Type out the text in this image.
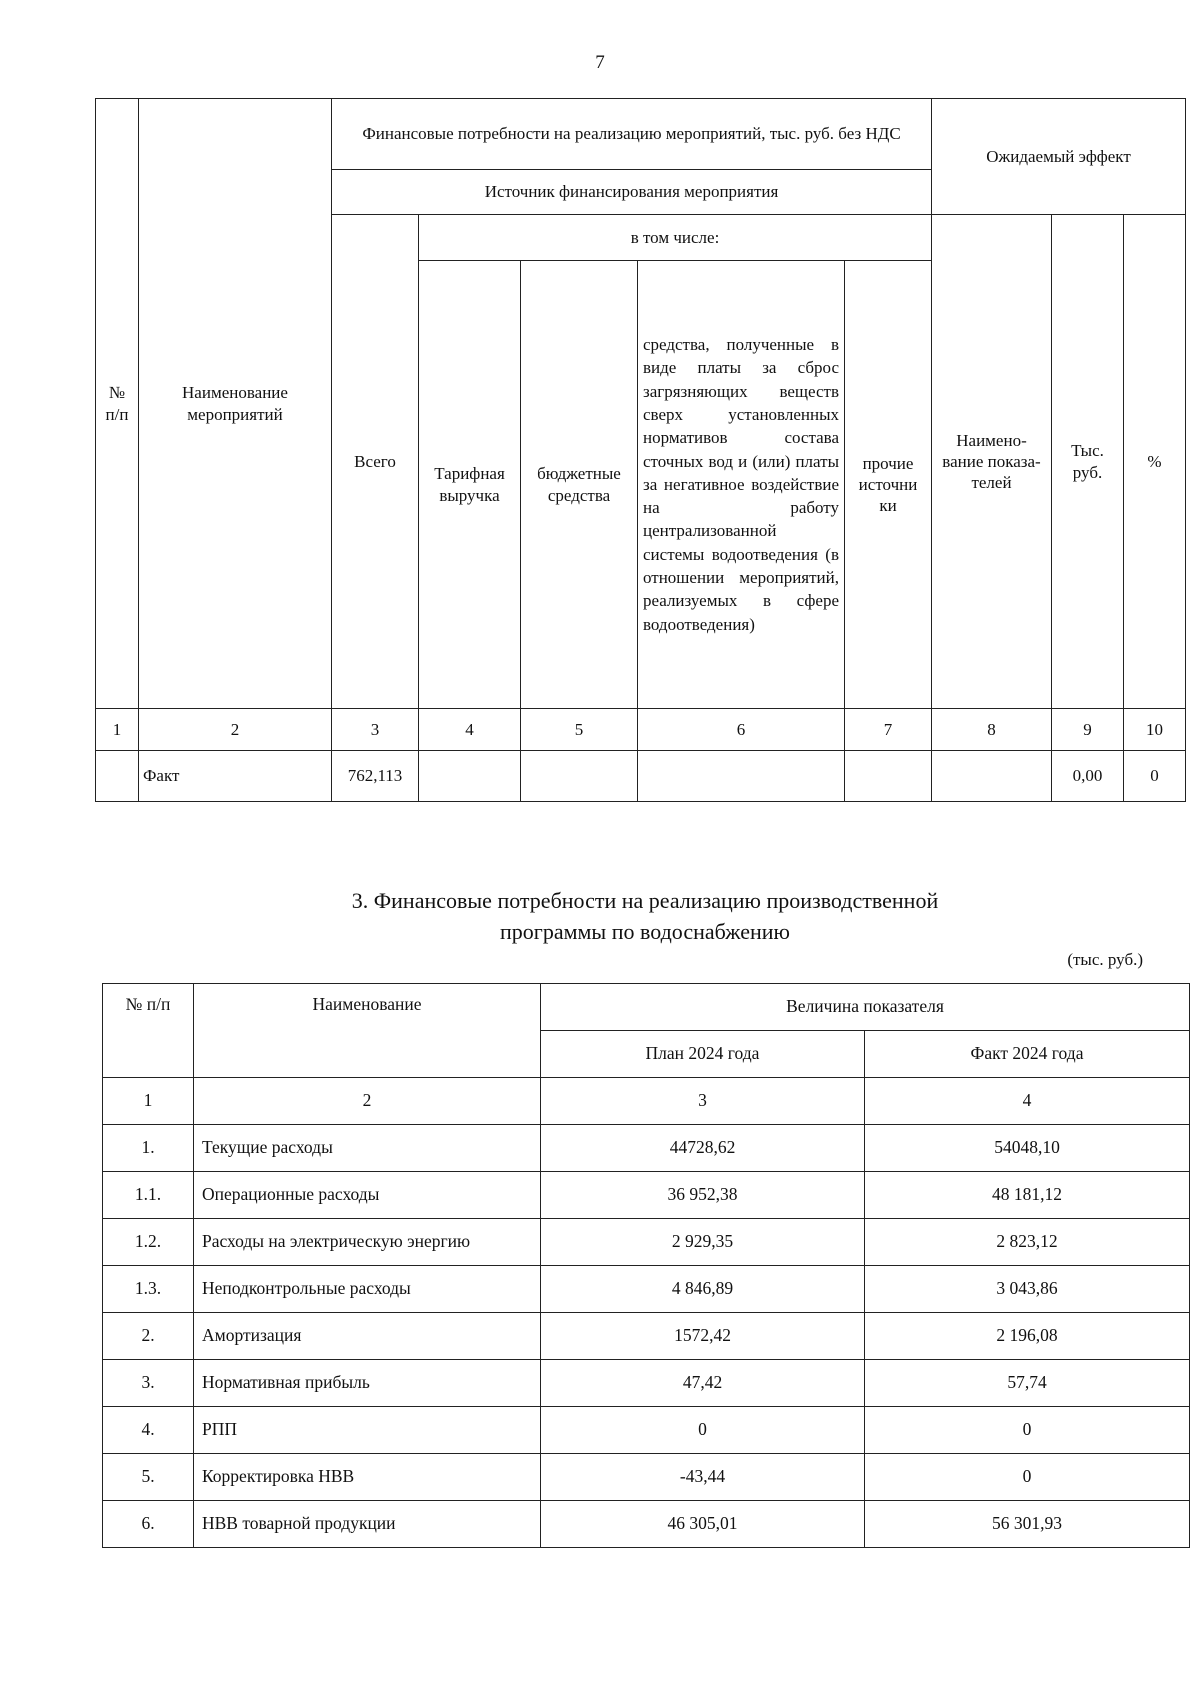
7
№ п/п	Наименование мероприятий	Финансовые потребности на реализацию мероприятий, тыс. руб. без НДС					Ожидаемый эффект		
		Источник финансирования мероприятия							
		Всего	в том числе:				Наимено- вание показа- телей	Тыс. руб.	%
			Тарифная выручка	бюджетные средства	средства, полученные в виде платы за сброс загрязняющих веществ сверх установленных нормативов состава сточных вод и (или) платы за негативное воздействие на работу централизованной системы водоотведения (в отношении мероприятий, реализуемых в сфере водоотведения)	прочие источни ки			
1	2	3	4	5	6	7	8	9	10
	Факт	762,113						0,00	0
3. Финансовые потребности на реализацию производственной
программы по водоснабжению
(тыс. руб.)
№ п/п	Наименование	Величина показателя	
		План 2024 года	Факт 2024 года
1	2	3	4
1.	Текущие расходы	44728,62	54048,10
1.1.	Операционные расходы	36 952,38	48 181,12
1.2.	Расходы на электрическую энергию	2 929,35	2 823,12
1.3.	Неподконтрольные расходы	4 846,89	3 043,86
2.	Амортизация	1572,42	2 196,08
3.	Нормативная прибыль	47,42	57,74
4.	РПП	0	0
5.	Корректировка НВВ	-43,44	0
6.	НВВ товарной продукции	46 305,01	56 301,93
